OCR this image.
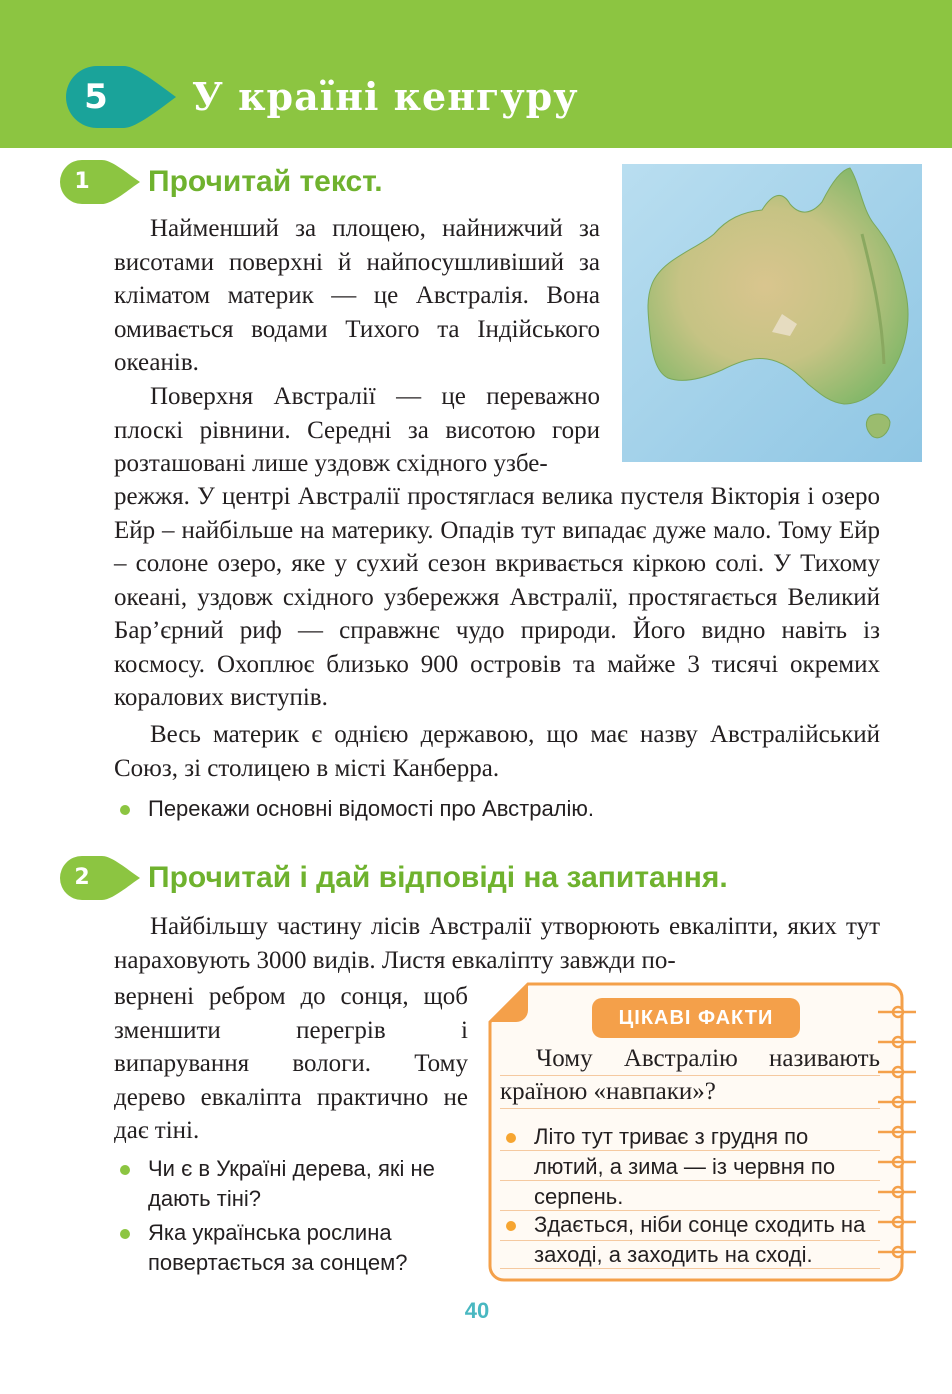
5	У країні кенгуру
1	Прочитай текст.

Найменший за площею, найнижчий за висотами поверхні й найпосушливіший за кліматом материк — це Австралія. Вона омивається водами Тихого та Індійського океанів.

Поверхня Австралії — це переважно плоскі рівнини. Середні за висотою гори розташовані лише уздовж східного узбе-

режжя. У центрі Австралії простяглася велика пустеля Вікторія і озеро Ейр – найбільше на материку. Опадів тут випадає дуже мало. Тому Ейр – солоне озеро, яке у сухий сезон вкривається кіркою солі. У Тихому океані, уздовж східного узбережжя Австралії, простягається Великий Бар’єрний риф — справжнє чудо природи. Його видно навіть із космосу. Охоплює близько 900 островів та майже 3 тисячі окремих коралових виступів.

Весь материк є однією державою, що має назву Австралійський Союз, зі столицею в місті Канберра.

Перекажи основні відомості про Австралію.

2	Прочитай і дай відповіді на запитання.

Найбільшу частину лісів Австралії утворюють евкаліпти, яких тут нараховують 3000 видів. Листя евкаліпту завжди по-

вернені ребром до сонця, щоб зменшити перегрів і випарування вологи. Тому дерево евкаліпта практично не дає тіні.

Чи є в Україні дерева, які не дають тіні?

Яка українська рослина повертається за сонцем?

ЦІКАВІ ФАКТИ

Чому Австралію називають країною «навпаки»?

Літо тут триває з грудня по лютий, а зима — із червня по серпень.

Здається, ніби сонце сходить на заході, а заходить на сході.

40
